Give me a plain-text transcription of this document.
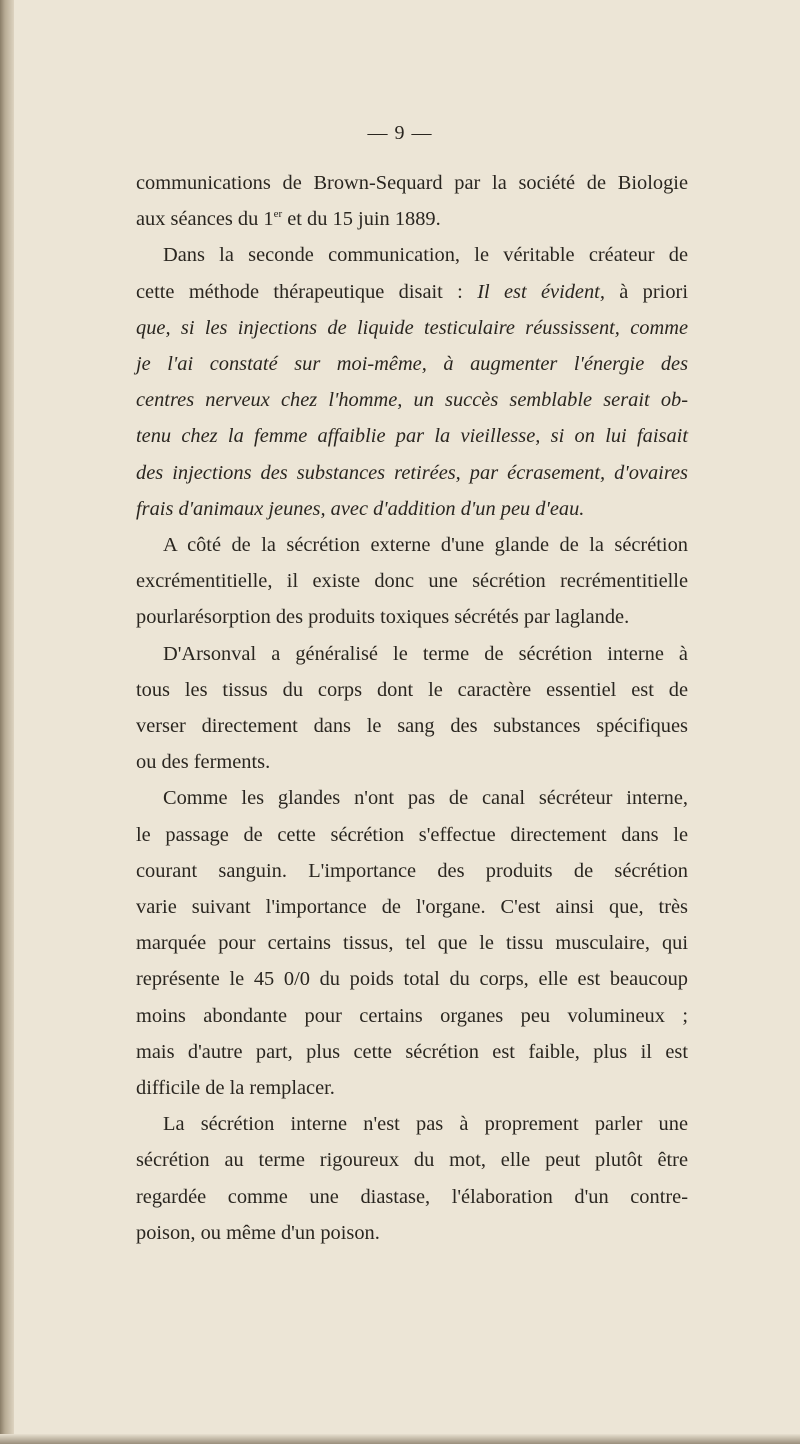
— 9 —
communications de Brown-Sequard par la société de Biologie
aux séances du 1er et du 15 juin 1889.
Dans la seconde communication, le véritable créateur de
cette méthode thérapeutique disait : Il est évident, à priori
que, si les injections de liquide testiculaire réussissent, comme
je l'ai constaté sur moi-même, à augmenter l'énergie des
centres nerveux chez l'homme, un succès semblable serait ob-
tenu chez la femme affaiblie par la vieillesse, si on lui faisait
des injections des substances retirées, par écrasement, d'ovaires
frais d'animaux jeunes, avec d'addition d'un peu d'eau.
A côté de la sécrétion externe d'une glande de la sécrétion
excrémentitielle, il existe donc une sécrétion recrémentitielle
pourlarésorption des produits toxiques sécrétés par laglande.
D'Arsonval a généralisé le terme de sécrétion interne à
tous les tissus du corps dont le caractère essentiel est de
verser directement dans le sang des substances spécifiques
ou des ferments.
Comme les glandes n'ont pas de canal sécréteur interne,
le passage de cette sécrétion s'effectue directement dans le
courant sanguin. L'importance des produits de sécrétion
varie suivant l'importance de l'organe. C'est ainsi que, très
marquée pour certains tissus, tel que le tissu musculaire, qui
représente le 45 0/0 du poids total du corps, elle est beaucoup
moins abondante pour certains organes peu volumineux ;
mais d'autre part, plus cette sécrétion est faible, plus il est
difficile de la remplacer.
La sécrétion interne n'est pas à proprement parler une
sécrétion au terme rigoureux du mot, elle peut plutôt être
regardée comme une diastase, l'élaboration d'un contre-
poison, ou même d'un poison.
